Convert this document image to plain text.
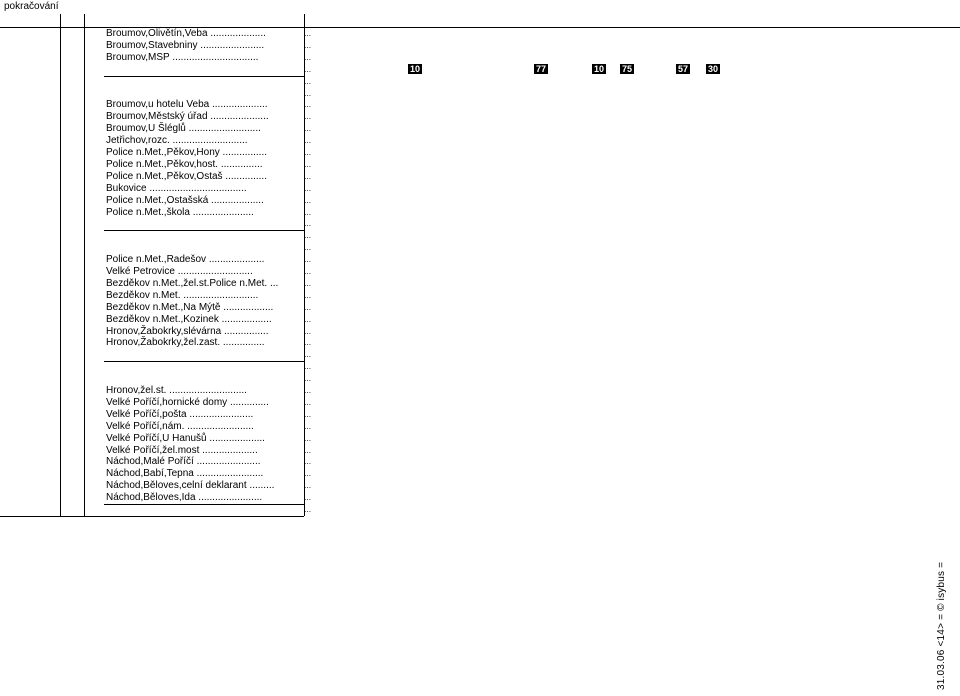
pokračování
31.03.06 <14> = © isybus =
Broumov,Olivětín,Veba ....................	...
Broumov,Stavebniny .......................	...
Broumov,MSP ...............................	...
10	77	10	75	57	30
...
...
...
Broumov,u hotelu Veba ....................	...
Broumov,Městský úřad .....................	...
Broumov,U Šléglů ..........................	...
Jetřichov,rozc. ...........................	...
Police n.Met.,Pěkov,Hony ................	...
Police n.Met.,Pěkov,host. ...............	...
Police n.Met.,Pěkov,Ostaš ...............	...
Bukovice ...................................	...
Police n.Met.,Ostašská ...................	...
Police n.Met.,škola ......................	...
...
...
...
Police n.Met.,Radešov ....................	...
Velké Petrovice ...........................	...
Bezděkov n.Met.,žel.st.Police n.Met. ...	...
Bezděkov n.Met. ...........................	...
Bezděkov n.Met.,Na Mýtě ..................	...
Bezděkov n.Met.,Kozinek ..................	...
Hronov,Žabokrky,slévárna ................	...
Hronov,Žabokrky,žel.zast. ...............	...
...
...
...
Hronov,žel.st. ............................	...
Velké Poříčí,hornické domy ..............	...
Velké Poříčí,pošta .......................	...
Velké Poříčí,nám. ........................	...
Velké Poříčí,U Hanušů ....................	...
Velké Poříčí,žel.most ....................	...
Náchod,Malé Poříčí .......................	...
Náchod,Babí,Tepna ........................	...
Náchod,Běloves,celní deklarant .........	...
Náchod,Běloves,Ida .......................	...
...
